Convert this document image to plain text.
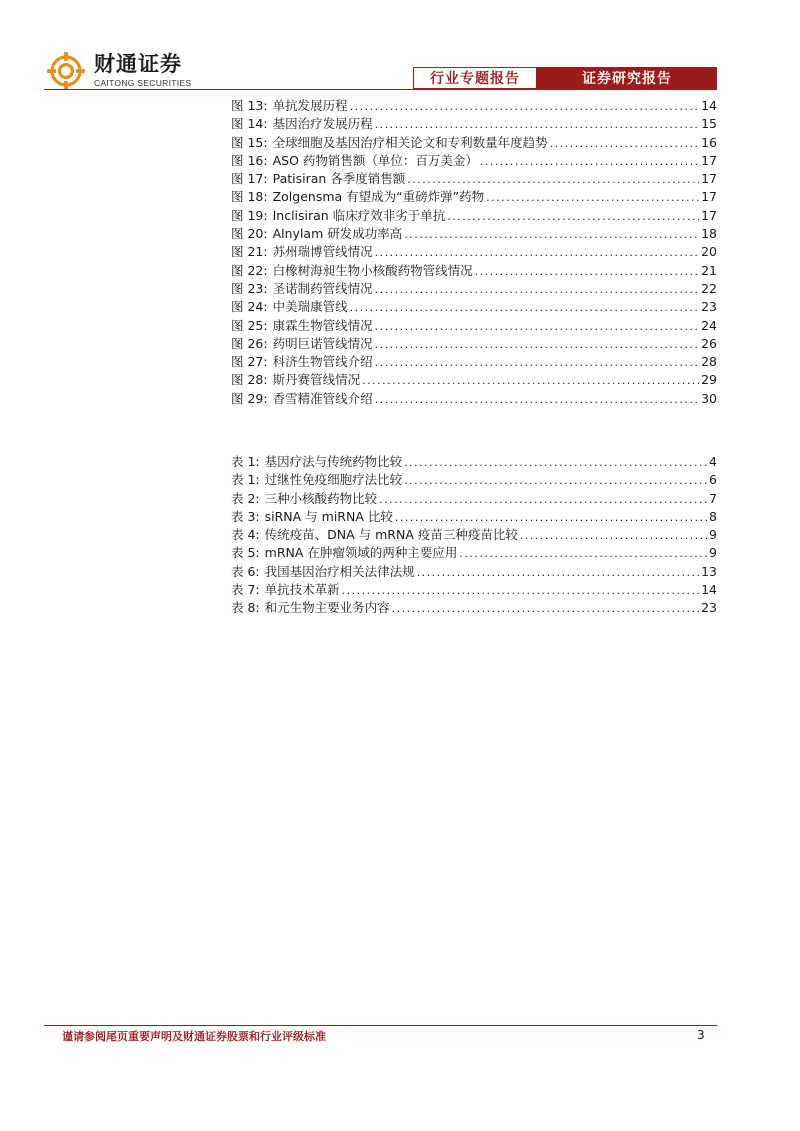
财通证券
CAITONG SECURITIES	行业专题报告	证券研究报告
图 13: 单抗发展历程 .....	14
图 14: 基因治疗发展历程 .....	15
图 15: 全球细胞及基因治疗相关论文和专利数量年度趋势 .....	16
图 16: ASO 药物销售额（单位：百万美金） .....	17
图 17: Patisiran 各季度销售额 .....	17
图 18: Zolgensma 有望成为“重磅炸弹”药物 .....	17
图 19: Inclisiran 临床疗效非劣于单抗 .....	17
图 20: Alnylam 研发成功率高 .....	18
图 21: 苏州瑞博管线情况 .....	20
图 22: 白橡树海昶生物小核酸药物管线情况 .....	21
图 23: 圣诺制药管线情况 .....	22
图 24: 中美瑞康管线 .....	23
图 25: 康霖生物管线情况 .....	24
图 26: 药明巨诺管线情况 .....	26
图 27: 科济生物管线介绍 .....	28
图 28: 斯丹赛管线情况 .....	29
图 29: 香雪精准管线介绍 .....	30
表 1: 基因疗法与传统药物比较 .....	4
表 1: 过继性免疫细胞疗法比较 .....	6
表 2: 三种小核酸药物比较 .....	7
表 3: siRNA 与 miRNA 比较 .....	8
表 4: 传统疫苗、DNA 与 mRNA 疫苗三种疫苗比较 .....	9
表 5: mRNA 在肿瘤领域的两种主要应用 .....	9
表 6: 我国基因治疗相关法律法规 .....	13
表 7: 单抗技术革新 .....	14
表 8: 和元生物主要业务内容 .....	23
谨请参阅尾页重要声明及财通证券股票和行业评级标准	3
